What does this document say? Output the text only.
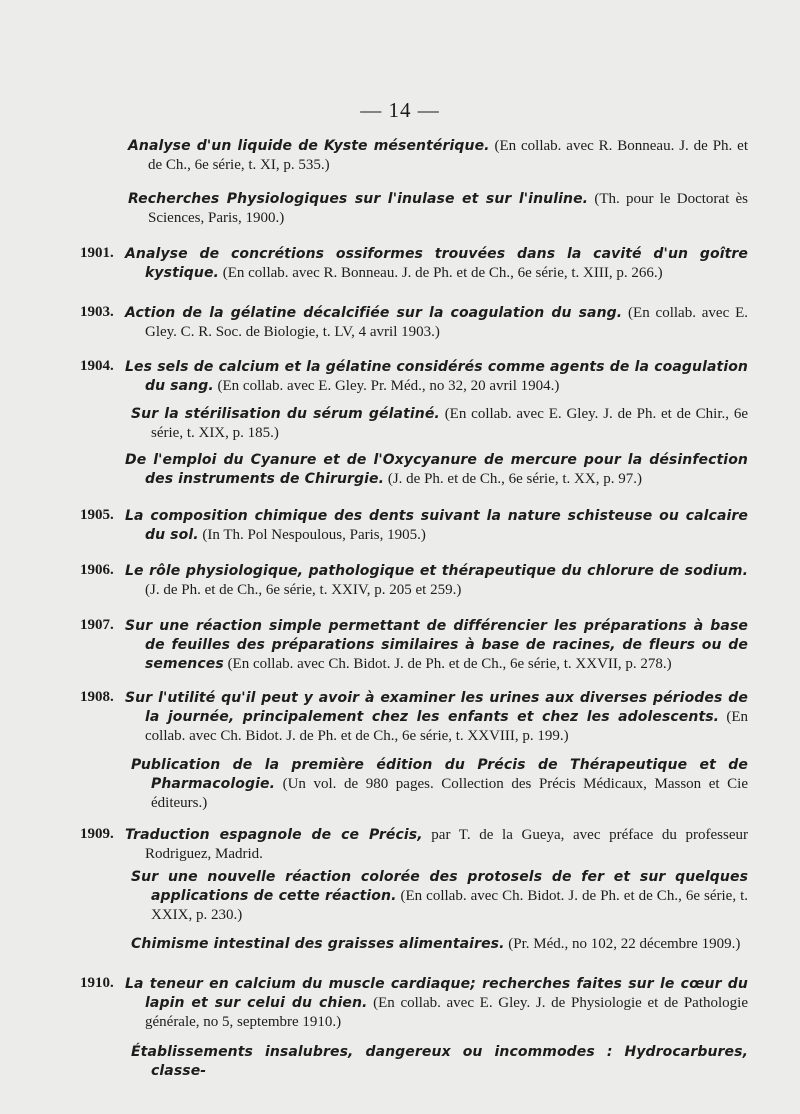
— 14 —
Analyse d'un liquide de Kyste mésentérique. (En collab. avec R. Bonneau. J. de Ph. et de Ch., 6e série, t. XI, p. 535.)
Recherches Physiologiques sur l'inulase et sur l'inuline. (Th. pour le Doctorat ès Sciences, Paris, 1900.)
1901. Analyse de concrétions ossiformes trouvées dans la cavité d'un goître kystique. (En collab. avec R. Bonneau. J. de Ph. et de Ch., 6e série, t. XIII, p. 266.)
1903. Action de la gélatine décalcifiée sur la coagulation du sang. (En collab. avec E. Gley. C. R. Soc. de Biologie, t. LV, 4 avril 1903.)
1904. Les sels de calcium et la gélatine considérés comme agents de la coagulation du sang. (En collab. avec E. Gley. Pr. Méd., no 32, 20 avril 1904.)
Sur la stérilisation du sérum gélatiné. (En collab. avec E. Gley. J. de Ph. et de Chir., 6e série, t. XIX, p. 185.)
De l'emploi du Cyanure et de l'Oxycyanure de mercure pour la désinfection des instruments de Chirurgie. (J. de Ph. et de Ch., 6e série, t. XX, p. 97.)
1905. La composition chimique des dents suivant la nature schisteuse ou calcaire du sol. (In Th. Pol Nespoulous, Paris, 1905.)
1906. Le rôle physiologique, pathologique et thérapeutique du chlorure de sodium. (J. de Ph. et de Ch., 6e série, t. XXIV, p. 205 et 259.)
1907. Sur une réaction simple permettant de différencier les préparations à base de feuilles des préparations similaires à base de racines, de fleurs ou de semences (En collab. avec Ch. Bidot. J. de Ph. et de Ch., 6e série, t. XXVII, p. 278.)
1908. Sur l'utilité qu'il peut y avoir à examiner les urines aux diverses périodes de la journée, principalement chez les enfants et chez les adolescents. (En collab. avec Ch. Bidot. J. de Ph. et de Ch., 6e série, t. XXVIII, p. 199.)
Publication de la première édition du Précis de Thérapeutique et de Pharmacologie. (Un vol. de 980 pages. Collection des Précis Médicaux, Masson et Cie éditeurs.)
1909. Traduction espagnole de ce Précis, par T. de la Gueya, avec préface du professeur Rodriguez, Madrid.
Sur une nouvelle réaction colorée des protosels de fer et sur quelques applications de cette réaction. (En collab. avec Ch. Bidot. J. de Ph. et de Ch., 6e série, t. XXIX, p. 230.)
Chimisme intestinal des graisses alimentaires. (Pr. Méd., no 102, 22 décembre 1909.)
1910. La teneur en calcium du muscle cardiaque; recherches faites sur le cœur du lapin et sur celui du chien. (En collab. avec E. Gley. J. de Physiologie et de Pathologie générale, no 5, septembre 1910.)
Établissements insalubres, dangereux ou incommodes : Hydrocarbures, classe-
